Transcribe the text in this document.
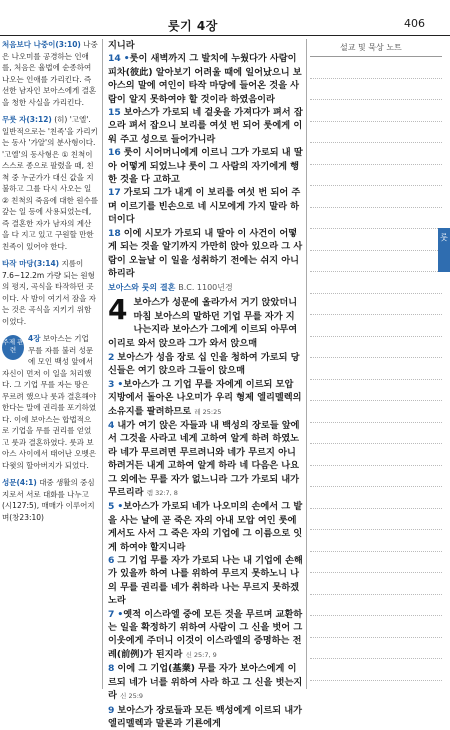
룻기 4장	406
처음보다 나중이(3:10) 나중은 나오미를 공경하는 인애를, 처음은 율법에 순종하여 나오는 인애를 가리킨다. 즉 선한 남자인 보아스에게 결혼을 청한 사실을 가리킨다.
무룻 자(3:12) (히) '고엘'. 일반적으로는 '친족'을 가리키는 동사 '가알'의 분사형이다. '고엘'의 동사형은 ① 친척이 스스로 종으로 팔렸을 때, 친척 중 누군가가 대신 값을 지불하고 그를 다시 사오는 일 ② 친척의 죽음에 대한 원수를 갚는 일 등에 사용되었는데, 즉 결혼한 자가 남자의 계산을 다 지고 있고 구원할 만한 친족이 있어야 한다.
타작 마당(3:14) 지름이 7.6~12.2m 가량 되는 원형의 평지, 곡식을 타작하던 곳이다. 사 밤이 여기서 잠을 자는 것은 곡식을 지키기 위함이었다.
주제 관련
4장 보아스는 기업 무를 자를 불러 성문에 모인 백성 앞에서 자신이 먼저 이 일을 처리했다. 그 기업 무를 자는 땅은 무르려 했으나 룻과 결혼해야 한다는 말에 권리를 포기하였다. 이에 보아스는 합법적으로 기업을 무를 권리를 얻었고 룻과 결혼하였다. 룻과 보아스 사이에서 태어난 오벳은 다윗의 할아버지가 되었다.
성문(4:1) 대중 생활의 중심지로서 서로 대화를 나누고(시127:5), 매매가 이루어지며(창23:10)
지니라
14 •룻이 새벽까지 그 발치에 누웠다가 사람이 피차(彼此) 알아보기 어려울 때에 일어났으니 보아스의 말에 여인이 타작 마당에 들어온 것을 사람이 알지 못하여야 할 것이라 하였음이라
15 보아스가 가로되 네 겉옷을 가져다가 펴서 잡으라 펴서 잡으니 보리를 여섯 번 되어 룻에게 이워 주고 성으로 들어가니라
16 룻이 시어머니에게 이르니 그가 가로되 내 딸아 어떻게 되었느냐 룻이 그 사람의 자기에게 행한 것을 다 고하고
17 가로되 그가 내게 이 보리를 여섯 번 되어 주며 이르기를 빈손으로 네 시모에게 가지 말라 하더이다
18 이에 시모가 가로되 내 딸아 이 사건이 어떻게 되는 것을 알기까지 가만히 앉아 있으라 그 사람이 오늘날 이 일을 성취하기 전에는 쉬지 아니하리라
보아스와 룻의 결혼 B.C. 1100년경
4 보아스가 성문에 올라가서 거기 앉았더니 마침 보아스의 말하던 기업 무를 자가 지나는지라 보아스가 그에게 이르되 아무여 이리로 와서 앉으라 그가 와서 앉으매
2 보아스가 성읍 장로 십 인을 청하여 가로되 당신들은 여기 앉으라 그들이 앉으매
3 •보아스가 그 기업 무를 자에게 이르되 모압 지방에서 돌아온 나오미가 우리 형제 엘리멜렉의 소유지를 팔려하므로 레 25:25
4 내가 여기 앉은 자들과 내 백성의 장로들 앞에서 그것을 사라고 네게 고하여 알게 하려 하였노라 네가 무르려면 무르려니와 네가 무르지 아니하려거든 내게 고하여 알게 하라 네 다음은 나요 그 외에는 무를 자가 없느니라 그가 가로되 내가 무르리라 렘 32:7, 8
5 •보아스가 가로되 네가 나오미의 손에서 그 밭을 사는 날에 곧 죽은 자의 아내 모압 여인 룻에게서도 사서 그 죽은 자의 기업에 그 이름으로 잇게 하여야 할지니라
6 그 기업 무를 자가 가로되 나는 내 기업에 손해가 있을까 하여 나를 위하여 무르지 못하노니 나의 무를 권리를 네가 취하라 나는 무르지 못하겠노라
7 •옛적 이스라엘 중에 모든 것을 무르며 교환하는 일을 확정하기 위하여 사람이 그 신을 벗어 그 이웃에게 주더니 이것이 이스라엘의 증명하는 전례(前例)가 된지라 신 25:7, 9
8 이에 그 기업(基業) 무를 자가 보아스에게 이르되 네가 너를 위하여 사라 하고 그 신을 벗는지라 신 25:9
9 보아스가 장로들과 모든 백성에게 이르되 내가 엘리멜렉과 말론과 기룐에게
설교 및 묵상 노트
룻
